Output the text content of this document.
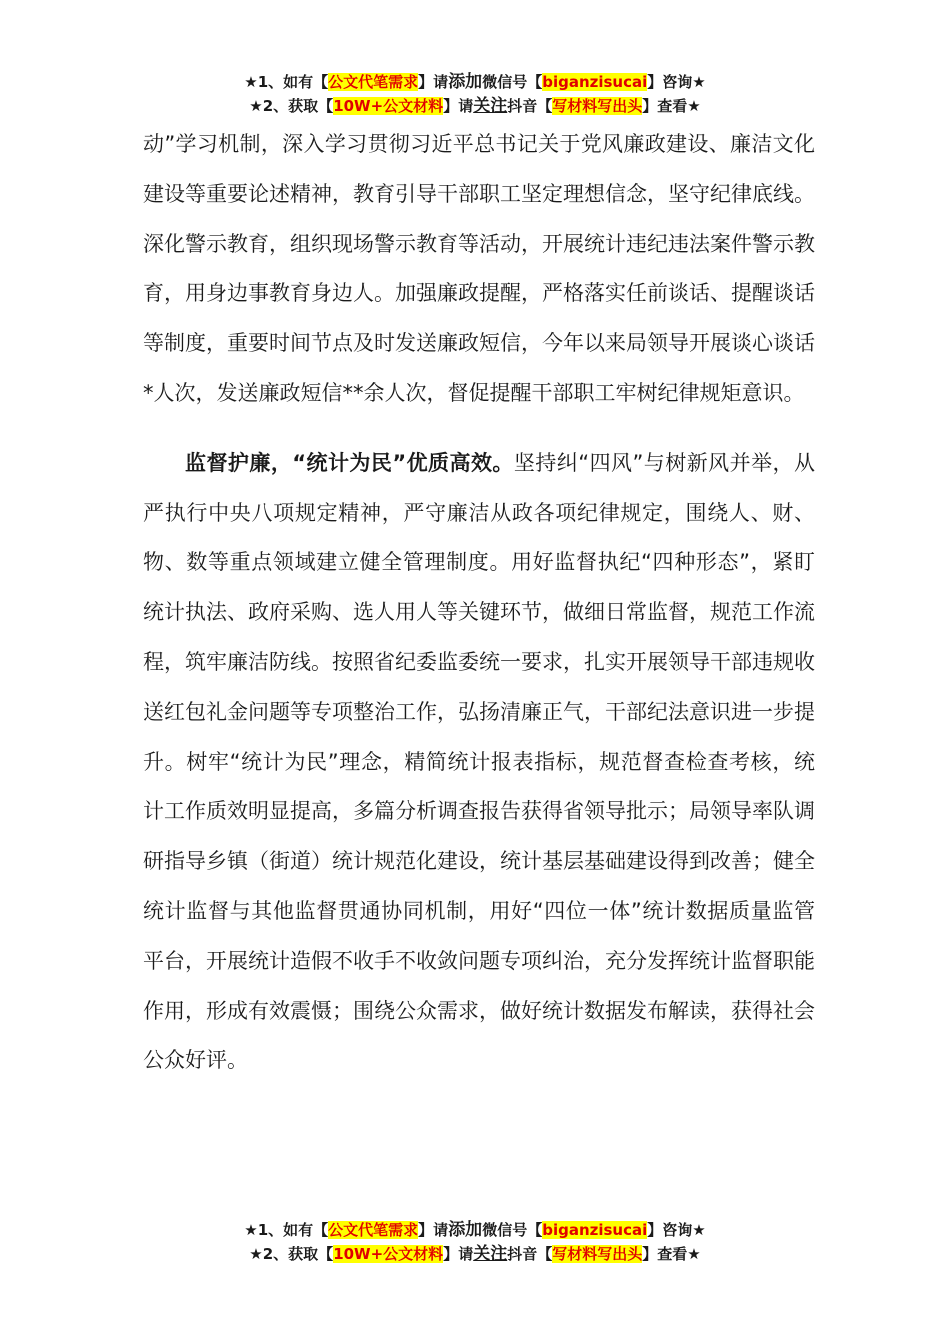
★1、如有【公文代笔需求】请添加微信号【biganzisucai】咨询★
★2、获取【10W+公文材料】请关注抖音【写材料写出头】查看★

动”学习机制，深入学习贯彻习近平总书记关于党风廉政建设、廉洁文化建设等重要论述精神，教育引导干部职工坚定理想信念，坚守纪律底线。深化警示教育，组织现场警示教育等活动，开展统计违纪违法案件警示教育，用身边事教育身边人。加强廉政提醒，严格落实任前谈话、提醒谈话等制度，重要时间节点及时发送廉政短信，今年以来局领导开展谈心谈话*人次，发送廉政短信**余人次，督促提醒干部职工牢树纪律规矩意识。

监督护廉，“统计为民”优质高效。坚持纠“四风”与树新风并举，从严执行中央八项规定精神，严守廉洁从政各项纪律规定，围绕人、财、物、数等重点领域建立健全管理制度。用好监督执纪“四种形态”，紧盯统计执法、政府采购、选人用人等关键环节，做细日常监督，规范工作流程，筑牢廉洁防线。按照省纪委监委统一要求，扎实开展领导干部违规收送红包礼金问题等专项整治工作，弘扬清廉正气，干部纪法意识进一步提升。树牢“统计为民”理念，精简统计报表指标，规范督查检查考核，统计工作质效明显提高，多篇分析调查报告获得省领导批示；局领导率队调研指导乡镇（街道）统计规范化建设，统计基层基础建设得到改善；健全统计监督与其他监督贯通协同机制，用好“四位一体”统计数据质量监管平台，开展统计造假不收手不收敛问题专项纠治，充分发挥统计监督职能作用，形成有效震慑；围绕公众需求，做好统计数据发布解读，获得社会公众好评。

★1、如有【公文代笔需求】请添加微信号【biganzisucai】咨询★
★2、获取【10W+公文材料】请关注抖音【写材料写出头】查看★
